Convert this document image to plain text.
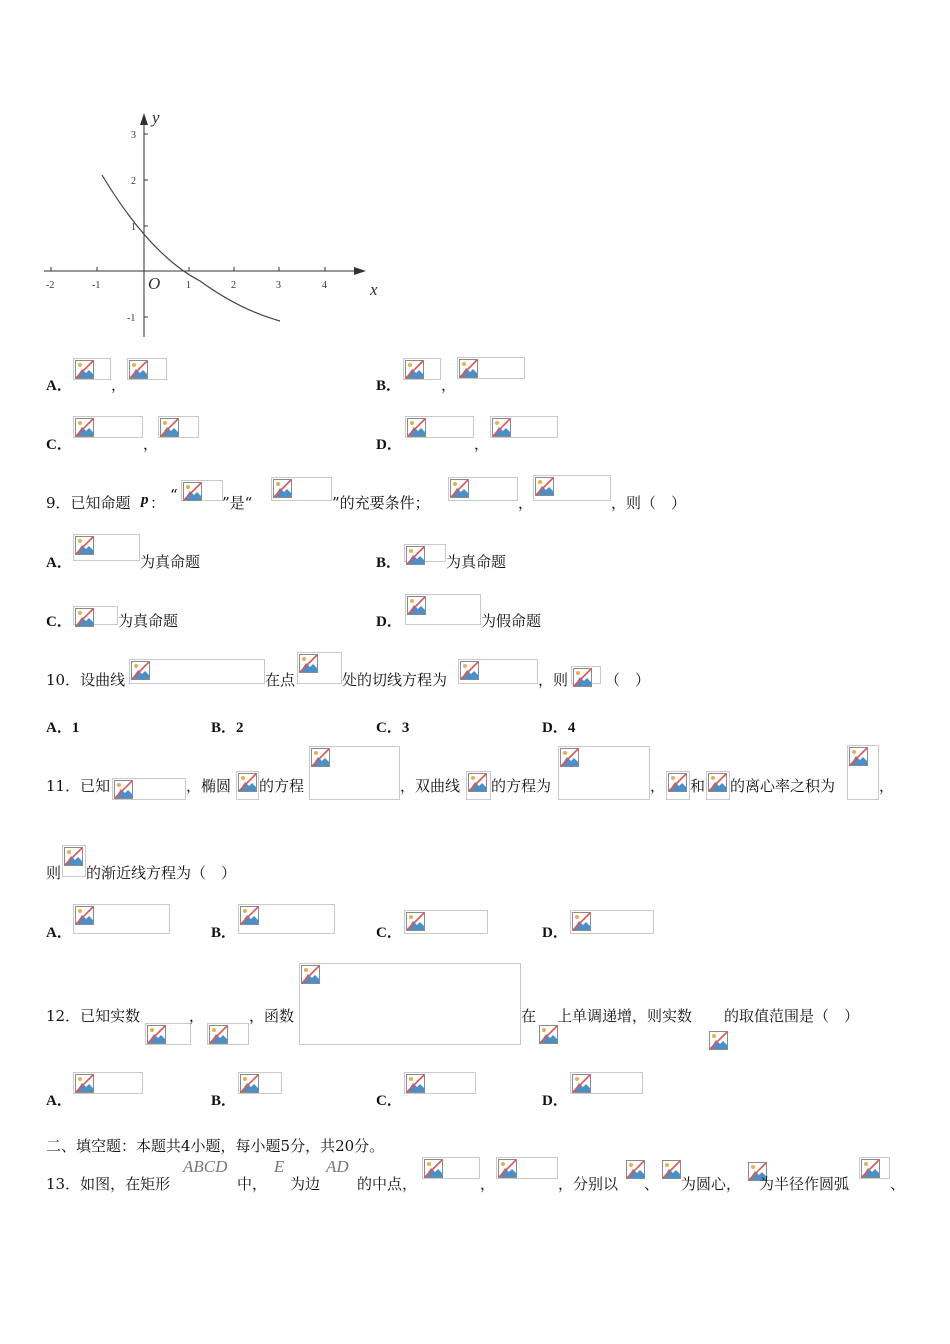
-2	-1	1	2	3	4
3
2
1
-1
O	x
y
A．	，	B．	，
C．	，	D．	，
9．已知命题 p ： “	”是“	”的充要条件；	，	，则（　）
A．	为真命题	B．	为真命题
C．	为真命题	D．	为假命题
10．设曲线	在点	处的切线方程为	，则 （　）
A．1	B．2	C．3	D．4
11．已知	，椭圆 的方程	，双曲线 的方程为	， 和 的离心率之积为	，
则 的渐近线方程为（　）
A．	B．	C．	D．
12．已知实数	，	，函数	在 上单调递增，则实数 的取值范围是（　）
A．	B．	C．	D．
二、填空题：本题共4小题，每小题5分，共20分。
13．如图，在矩形
ABCD
中，
E
为边
AD
的中点，	，	，分别以 、 为圆心， 为半径作圆弧	、
